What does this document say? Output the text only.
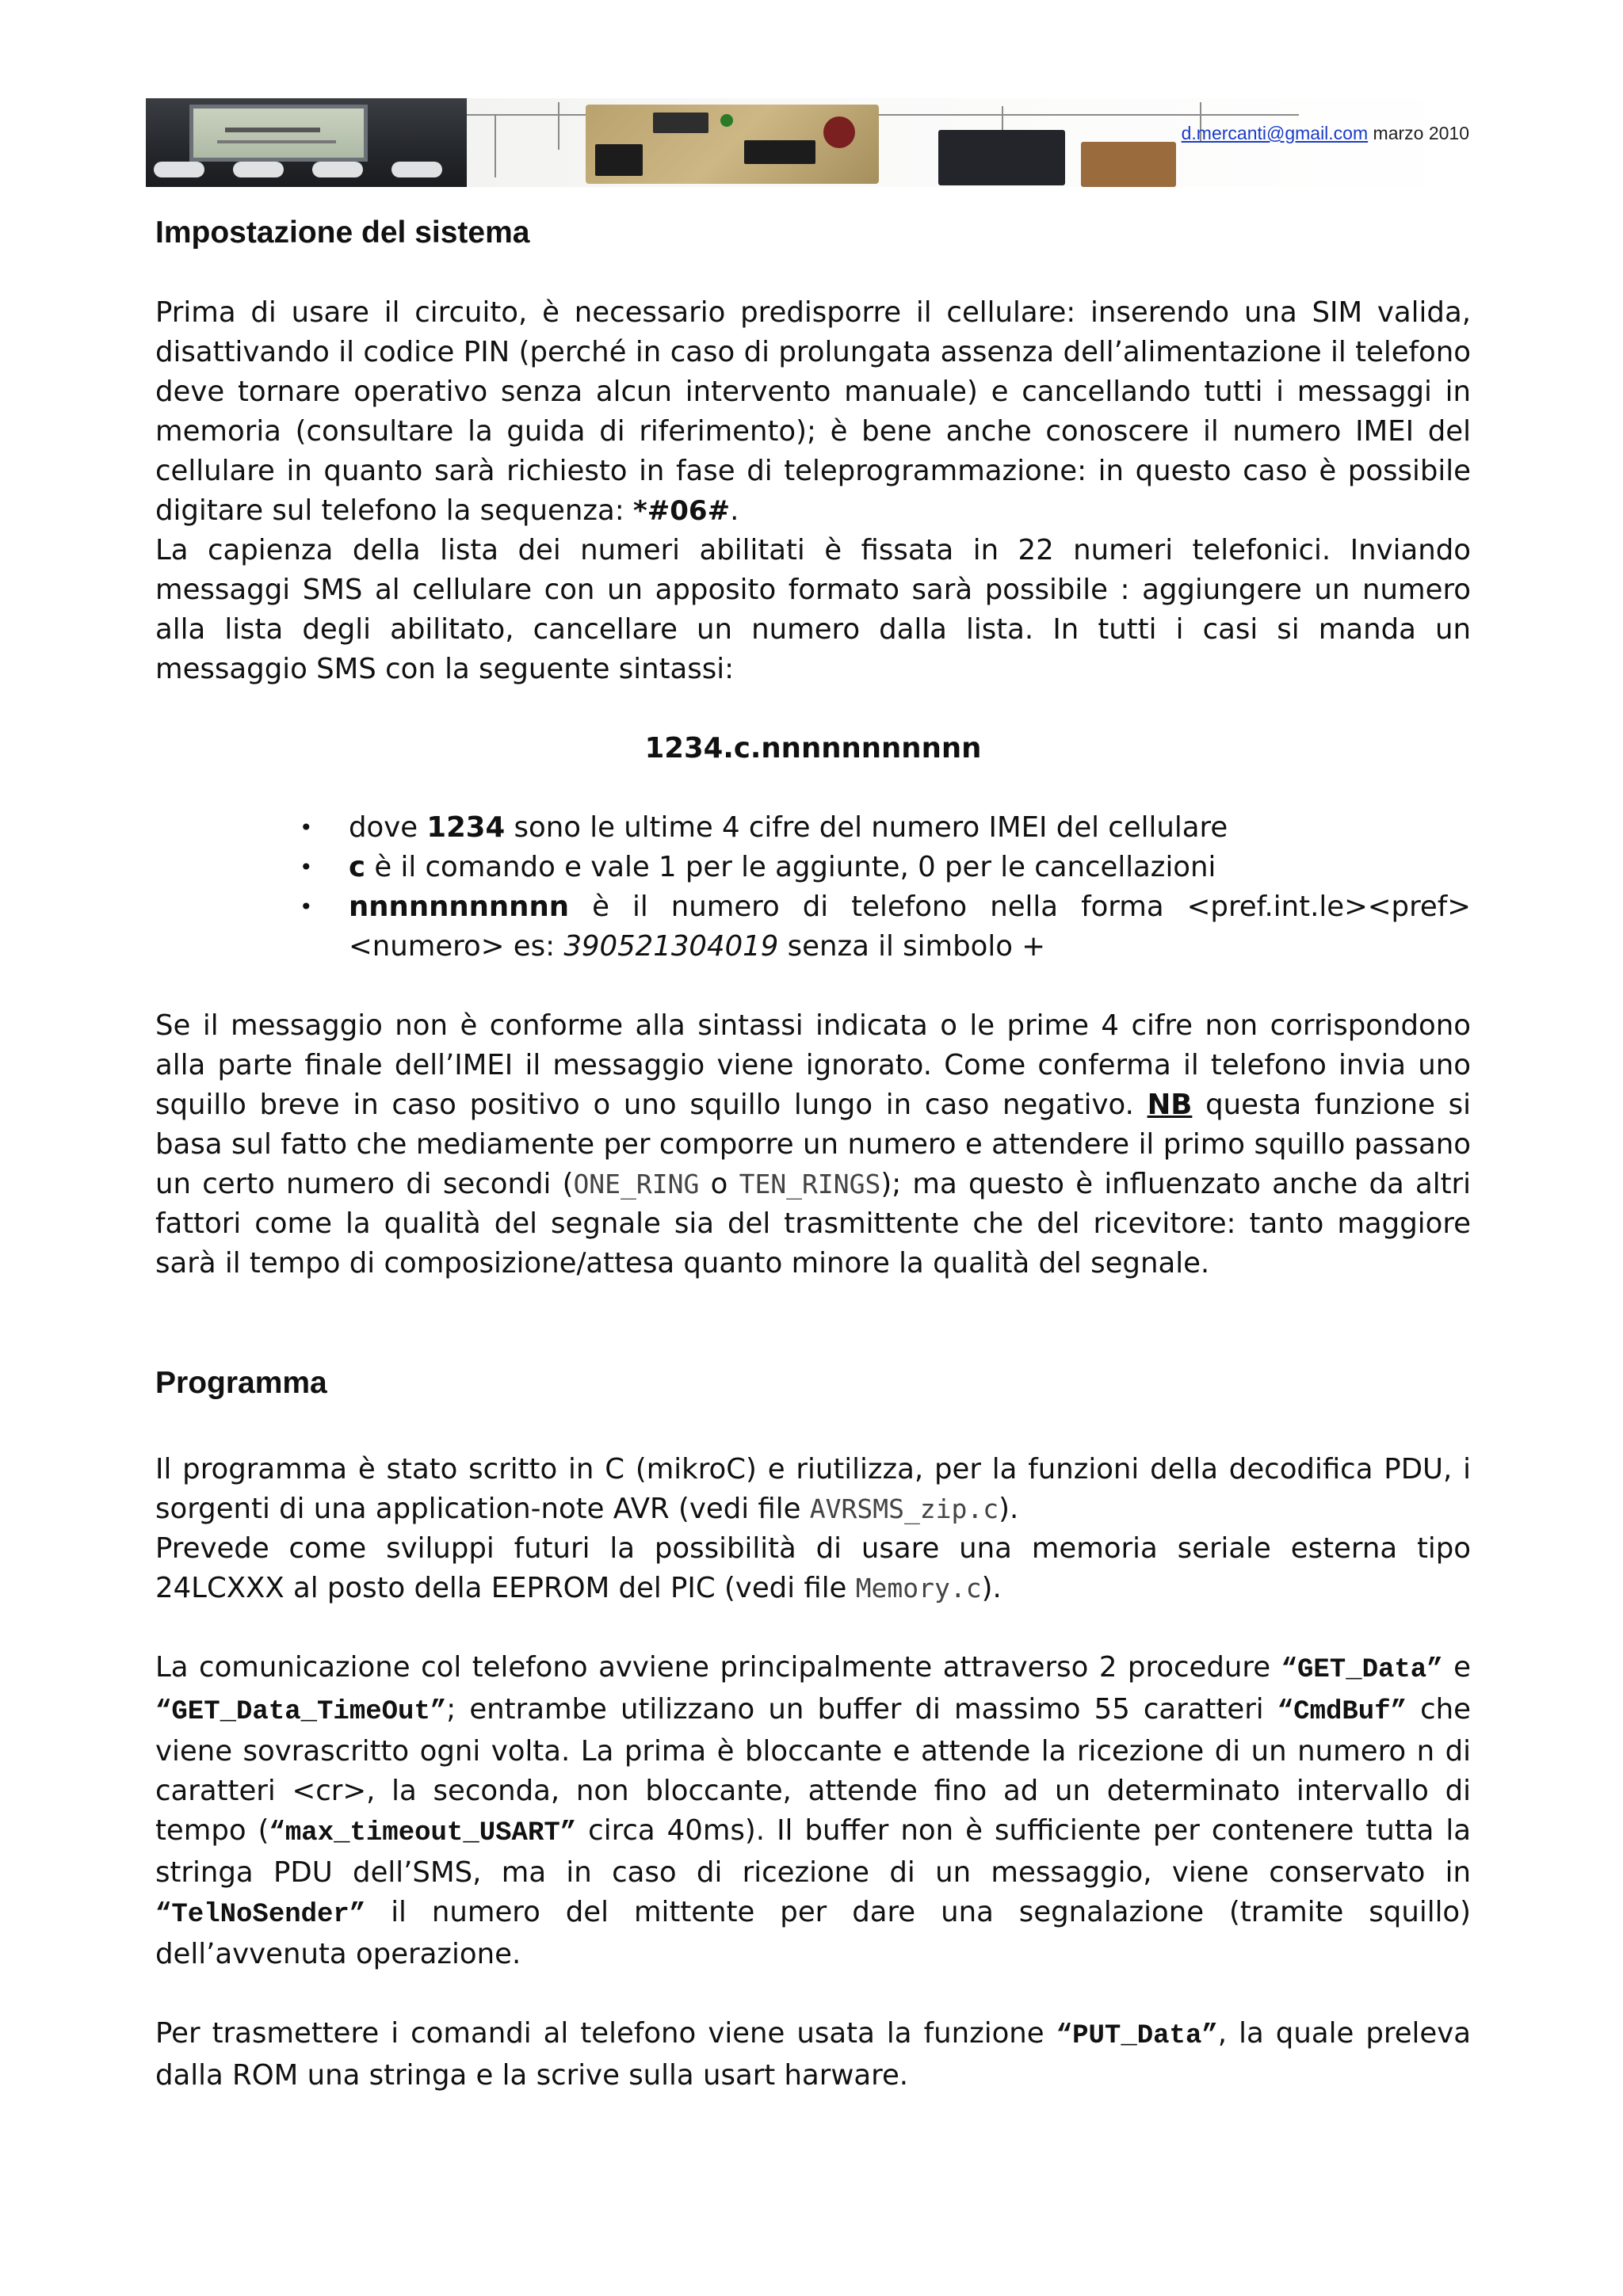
d.mercanti@gmail.com marzo 2010
Impostazione del sistema

Prima di usare il circuito, è necessario predisporre il cellulare: inserendo una SIM valida, disattivando il codice PIN (perché in caso di prolungata assenza dell’alimentazione il telefono deve tornare operativo senza alcun intervento manuale) e cancellando tutti i messaggi in memoria (consultare la guida di riferimento); è bene anche conoscere il numero IMEI del cellulare in quanto sarà richiesto in fase di teleprogrammazione: in questo caso è possibile digitare sul telefono la sequenza: *#06#.

La capienza della lista dei numeri abilitati è fissata in 22 numeri telefonici. Inviando messaggi SMS al cellulare con un apposito formato sarà possibile : aggiungere un numero alla lista degli abilitato, cancellare un numero dalla lista. In tutti i casi si manda un messaggio SMS con la seguente sintassi:

1234.c.nnnnnnnnnnn

• dove 1234 sono le ultime 4 cifre del numero IMEI del cellulare
• c è il comando e vale 1 per le aggiunte, 0 per le cancellazioni
• nnnnnnnnnnn è il numero di telefono nella forma <pref.int.le><pref><numero> es: 390521304019 senza il simbolo +

Se il messaggio non è conforme alla sintassi indicata o le prime 4 cifre non corrispondono alla parte finale dell’IMEI il messaggio viene ignorato. Come conferma il telefono invia uno squillo breve in caso positivo o uno squillo lungo in caso negativo. NB questa funzione si basa sul fatto che mediamente per comporre un numero e attendere il primo squillo passano un certo numero di secondi (ONE_RING o TEN_RINGS); ma questo è influenzato anche da altri fattori come la qualità del segnale sia del trasmittente che del ricevitore: tanto maggiore sarà il tempo di composizione/attesa quanto minore la qualità del segnale.

Programma

Il programma è stato scritto in C (mikroC) e riutilizza, per la funzioni della decodifica PDU, i sorgenti di una application-note AVR (vedi file AVRSMS_zip.c).

Prevede come sviluppi futuri la possibilità di usare una memoria seriale esterna tipo 24LCXXX al posto della EEPROM del PIC (vedi file Memory.c).

La comunicazione col telefono avviene principalmente attraverso 2 procedure “GET_Data” e “GET_Data_TimeOut”; entrambe utilizzano un buffer di massimo 55 caratteri “CmdBuf” che viene sovrascritto ogni volta. La prima è bloccante e attende la ricezione di un numero n di caratteri <cr>, la seconda, non bloccante, attende fino ad un determinato intervallo di tempo (“max_timeout_USART” circa 40ms). Il buffer non è sufficiente per contenere tutta la stringa PDU dell’SMS, ma in caso di ricezione di un messaggio, viene conservato in “TelNoSender” il numero del mittente per dare una segnalazione (tramite squillo) dell’avvenuta operazione.

Per trasmettere i comandi al telefono viene usata la funzione “PUT_Data”, la quale preleva dalla ROM una stringa e la scrive sulla usart harware.
